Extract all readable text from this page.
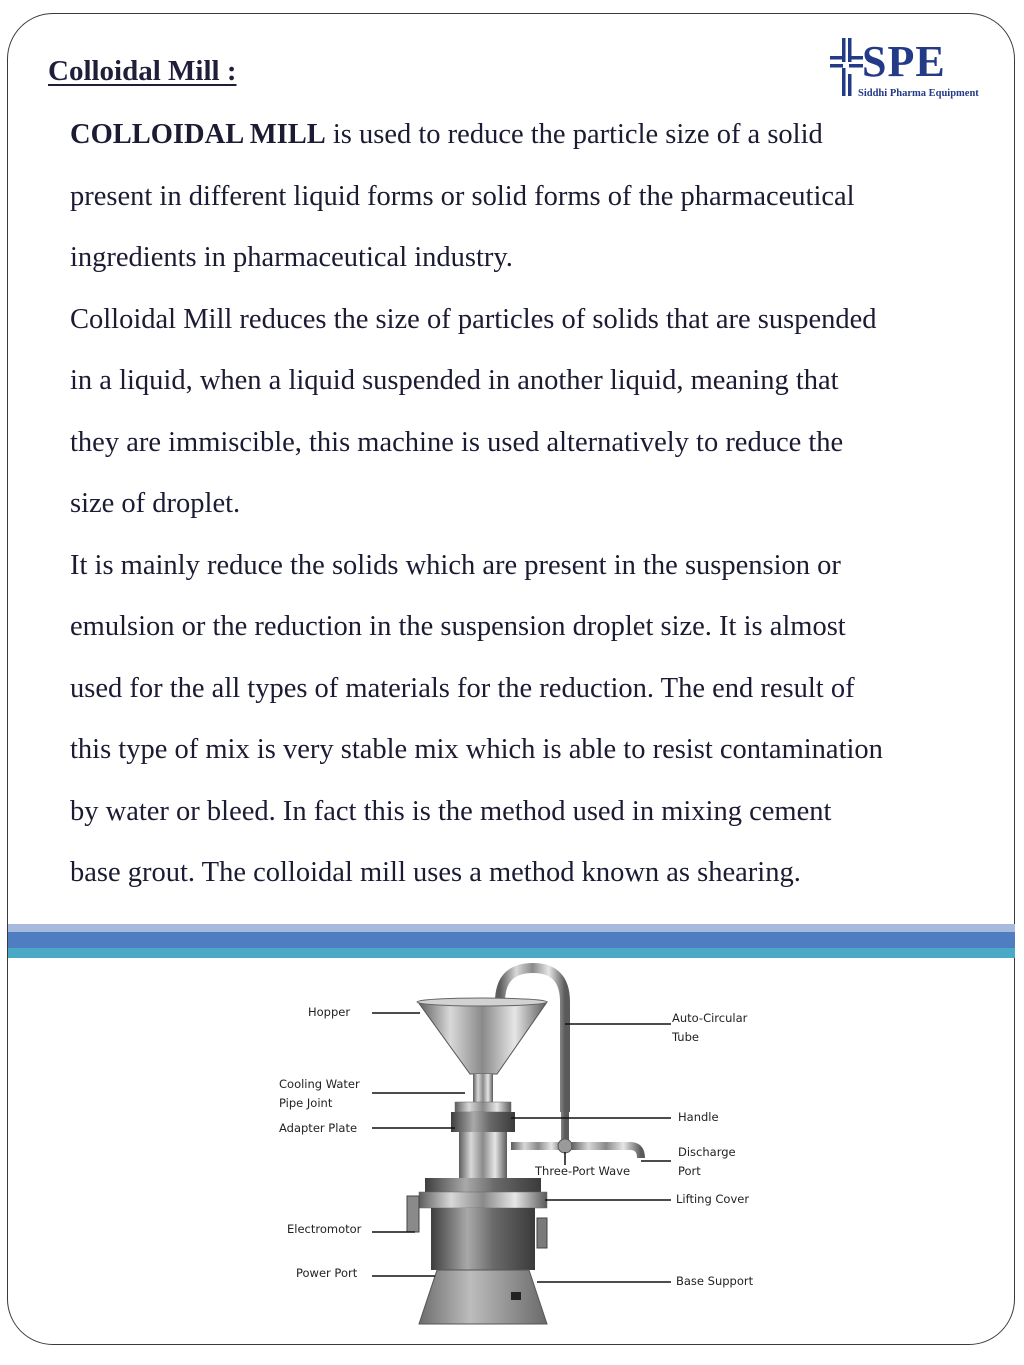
Colloidal Mill :	SPE
Siddhi Pharma Equipment
COLLOIDAL MILL is used to reduce the particle size of a solid
present in different liquid forms or solid forms of the pharmaceutical
ingredients in pharmaceutical industry.
Colloidal Mill reduces the size of particles of solids that are suspended
in a liquid, when a liquid suspended in another liquid, meaning that
they are immiscible, this machine is used alternatively to reduce the
size of droplet.
It is mainly reduce the solids which are present in the suspension or
emulsion or the reduction in the suspension droplet size. It is almost
used for the all types of materials for the reduction. The end result of
this type of mix is very stable mix which is able to resist contamination
by water or bleed. In fact this is the method used in mixing cement
base grout. The colloidal mill uses a method known as shearing.
Hopper
Cooling Water
Pipe Joint
Adapter Plate
Electromotor
Power Port
Auto-Circular
Tube
Handle
Discharge
Port
Three-Port Wave
Lifting Cover
Base Support
